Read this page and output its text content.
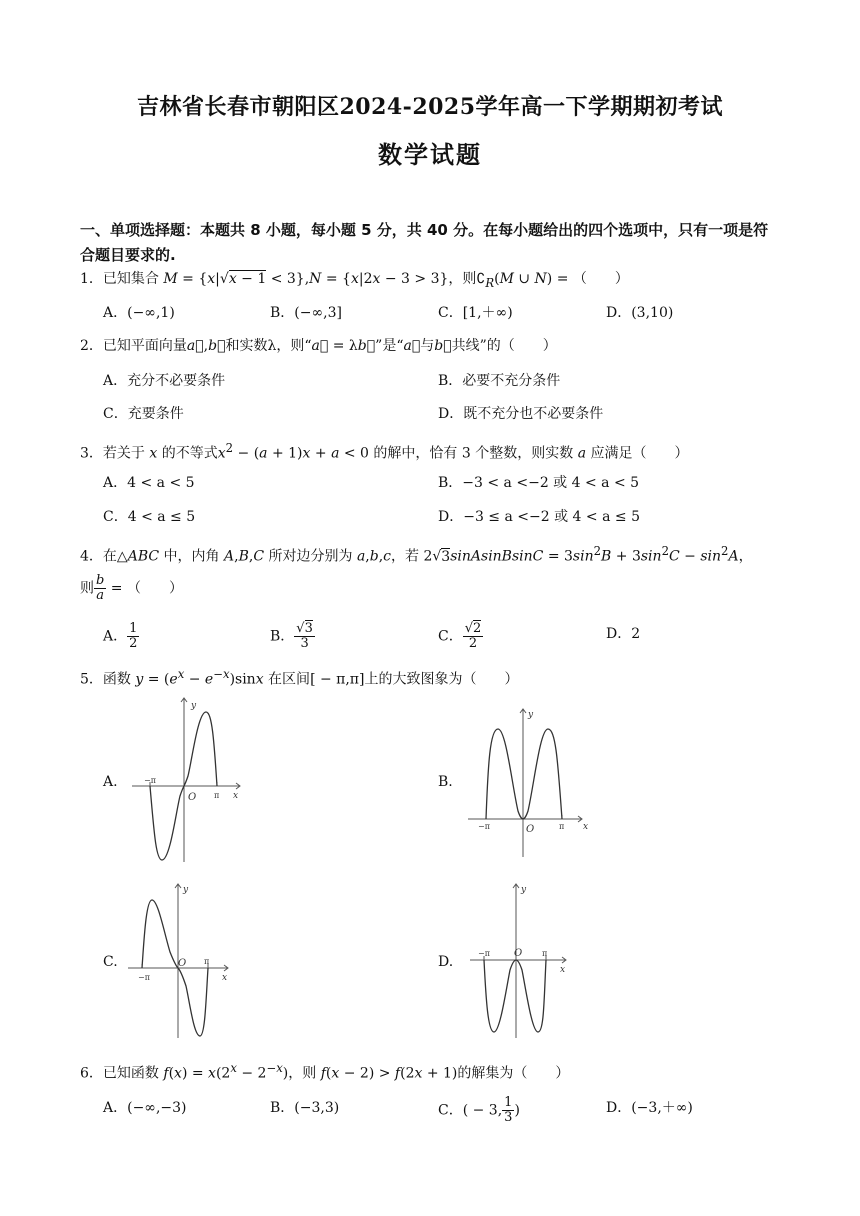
吉林省长春市朝阳区2024-2025学年高一下学期期初考试
数学试题
一、单项选择题：本题共 8 小题，每小题 5 分，共 40 分。在每小题给出的四个选项中，只有一项是符合题目要求的.
1．已知集合 M = {x|√x − 1 < 3},N = {x|2x − 3 > 3}，则$∁_R(M$ ∪ N) = （　　）
A．(−∞,1)	B．(−∞,3]	C．[1,＋∞)	D．(3,10)
2．已知平面向量a⃗,b⃗和实数λ，则“a⃗ = λb⃗”是“a⃗与b⃗共线”的（　　）
A．充分不必要条件	B．必要不充分条件
C．充要条件	D．既不充分也不必要条件
3．若关于 x 的不等式$x^2 - (a + 1)x + a < 0$ 的解中，恰有 3 个整数，则实数 a 应满足（　　）
A．4 < a < 5	B．−3 < a <−2 或 4 < a < 5
C．4 < a ≤ 5	D．−3 ≤ a <−2 或 4 < a ≤ 5
4．在△ABC 中，内角 A,B,C 所对边分别为 a,b,c，若 2√3sinAsinBsinC = $3\sin^2B + 3\sin^2C - \sin^2A$，
则 $\frac{b}{a}$ = （　　）
A． $\frac{1}{2}$	B． $\frac{√3}{3}$	C． $\frac{√2}{2}$	D．2
5．函数 $y = (e^x - e^{-x})\sin x$ 在区间[ − π,π]上的大致图象为（　　）
A.	B.
C.	D.
y
x
O
−π
π
y
x
O
−π	π
y
x
O
−π
π
y
x
O
−π	π
6．已知函数 $f(x) = x(2^x - 2^{-x})$，则 f(x − 2) > f(2x + 1)的解集为（　　）
A．(−∞,−3)	B．(−3,3)	C．( − 3, $\frac{1}{3}$ )	D．(−3,＋∞)
